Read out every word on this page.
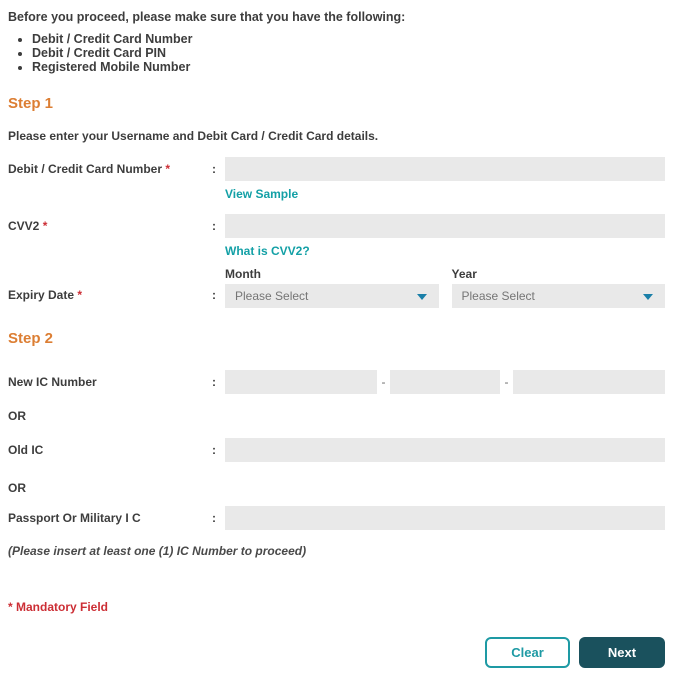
Before you proceed, please make sure that you have the following:

• Debit / Credit Card Number
• Debit / Credit Card PIN
• Registered Mobile Number
Step 1

Please enter your Username and Debit Card / Credit Card details.

Debit / Credit Card Number *	:
View Sample
CVV2 *	:
What is CVV2?
Expiry Date *	:
Month
Please Select
Year
Please Select
Step 2
New IC Number	:	-	-
OR
Old IC	:
OR
Passport Or Military I C	:

(Please insert at least one (1) IC Number to proceed)

* Mandatory Field

Clear	Next
